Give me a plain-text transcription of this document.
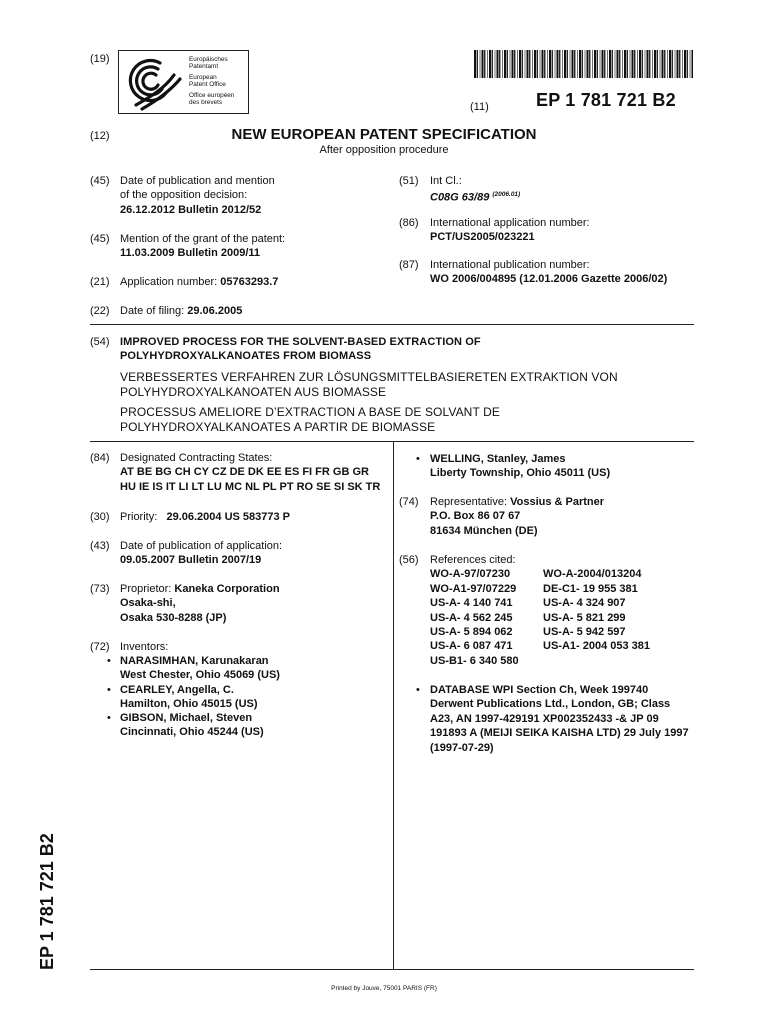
(19)	Europäisches
Patentamt
European
Patent Office
Office européen
des brevets	(11)	EP 1 781 721 B2
(12)	NEW EUROPEAN PATENT SPECIFICATION
After opposition procedure
(45) Date of publication and mention
of the opposition decision:
26.12.2012 Bulletin 2012/52
(45) Mention of the grant of the patent:
11.03.2009 Bulletin 2009/11
(21) Application number: 05763293.7
(22) Date of filing: 29.06.2005
(51) Int Cl.:
C08G 63/89 $^{(2006.01)}$
(86) International application number:
PCT/US2005/023221
(87) International publication number:
WO 2006/004895 (12.01.2006 Gazette 2006/02)
(54) IMPROVED PROCESS FOR THE SOLVENT-BASED EXTRACTION OF
POLYHYDROXYALKANOATES FROM BIOMASS
VERBESSERTES VERFAHREN ZUR LÖSUNGSMITTELBASIERETEN EXTRAKTION VON
POLYHYDROXYALKANOATEN AUS BIOMASSE
PROCESSUS AMELIORE D’EXTRACTION A BASE DE SOLVANT DE
POLYHYDROXYALKANOATES A PARTIR DE BIOMASSE
(84) Designated Contracting States:
AT BE BG CH CY CZ DE DK EE ES FI FR GB GR
HU IE IS IT LI LT LU MC NL PL PT RO SE SI SK TR
(30) Priority: 29.06.2004 US 583773 P
(43) Date of publication of application:
09.05.2007 Bulletin 2007/19
(73) Proprietor: Kaneka Corporation
Osaka-shi,
Osaka 530-8288 (JP)
(72) Inventors:
• NARASIMHAN, Karunakaran
West Chester, Ohio 45069 (US)
• CEARLEY, Angella, C.
Hamilton, Ohio 45015 (US)
• GIBSON, Michael, Steven
Cincinnati, Ohio 45244 (US)
• WELLING, Stanley, James
Liberty Township, Ohio 45011 (US)
(74) Representative: Vossius & Partner
P.O. Box 86 07 67
81634 München (DE)
(56) References cited:
WO-A-97/07230	WO-A-2004/013204
WO-A1-97/07229	DE-C1- 19 955 381
US-A- 4 140 741	US-A- 4 324 907
US-A- 4 562 245	US-A- 5 821 299
US-A- 5 894 062	US-A- 5 942 597
US-A- 6 087 471	US-A1- 2004 053 381
US-B1- 6 340 580
• DATABASE WPI Section Ch, Week 199740
Derwent Publications Ltd., London, GB; Class
A23, AN 1997-429191 XP002352433 -& JP 09
191893 A (MEIJI SEIKA KAISHA LTD) 29 July 1997
(1997-07-29)
EP 1 781 721 B2
Printed by Jouve, 75001 PARIS (FR)
